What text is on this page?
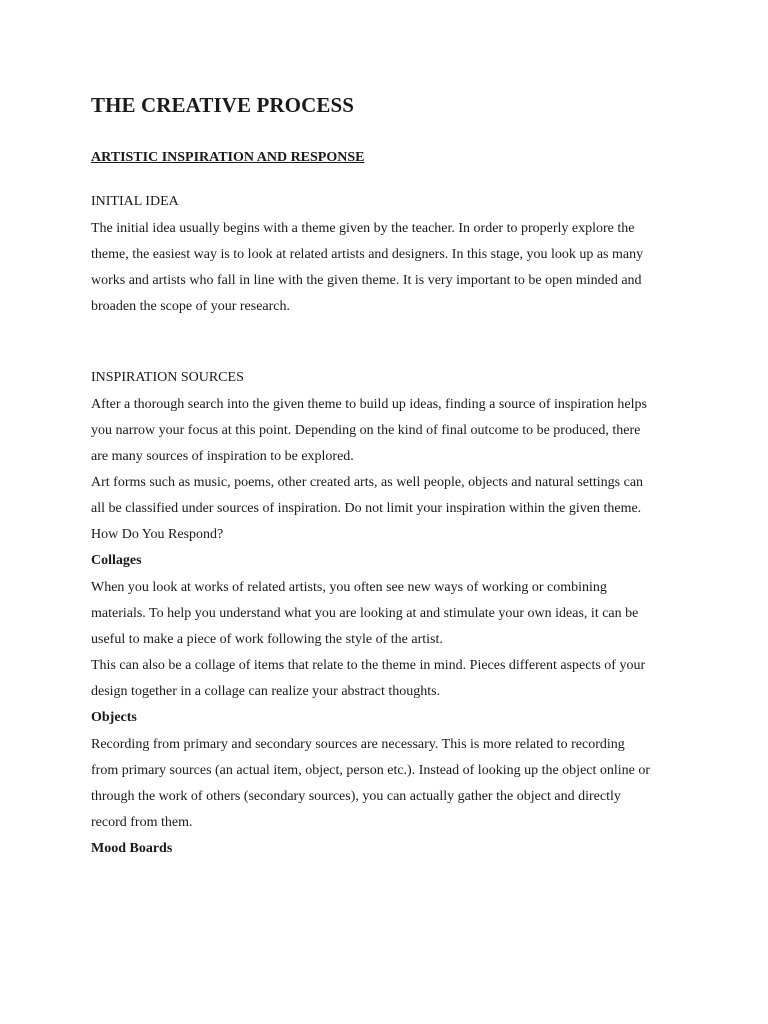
THE CREATIVE PROCESS
ARTISTIC INSPIRATION AND RESPONSE
INITIAL IDEA

The initial idea usually begins with a theme given by the teacher. In order to properly explore the

theme, the easiest way is to look at related artists and designers. In this stage, you look up as many

works and artists who fall in line with the given theme. It is very important to be open minded and

broaden the scope of your research.

INSPIRATION SOURCES

After a thorough search into the given theme to build up ideas, finding a source of inspiration helps

you narrow your focus at this point. Depending on the kind of final outcome to be produced, there

are many sources of inspiration to be explored.

Art forms such as music, poems, other created arts, as well people, objects and natural settings can

all be classified under sources of inspiration. Do not limit your inspiration within the given theme.

How Do You Respond?

Collages

When you look at works of related artists, you often see new ways of working or combining

materials. To help you understand what you are looking at and stimulate your own ideas, it can be

useful to make a piece of work following the style of the artist.

This can also be a collage of items that relate to the theme in mind. Pieces different aspects of your

design together in a collage can realize your abstract thoughts.

Objects

Recording from primary and secondary sources are necessary. This is more related to recording

from primary sources (an actual item, object, person etc.). Instead of looking up the object online or

through the work of others (secondary sources), you can actually gather the object and directly

record from them.

Mood Boards
